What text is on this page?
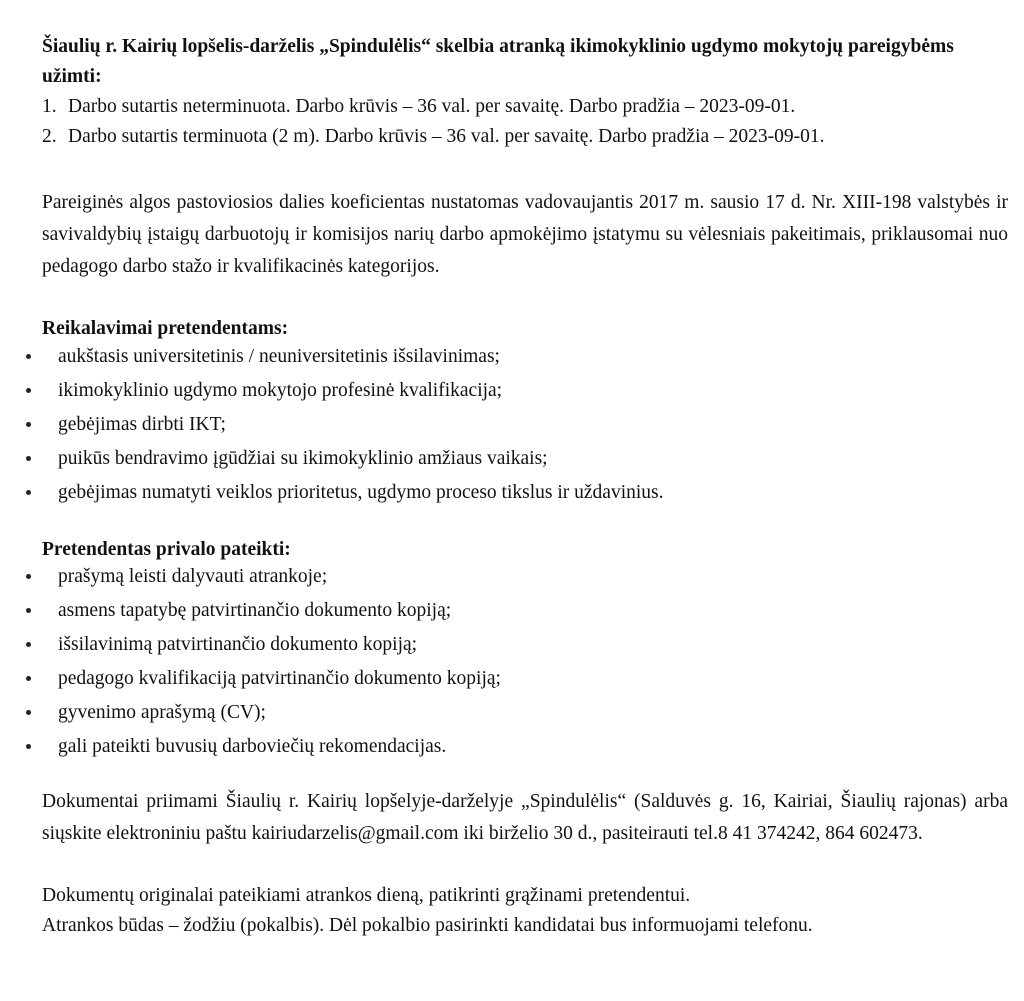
Šiaulių r. Kairių lopšelis-darželis „Spindulėlis“ skelbia atranką ikimokyklinio ugdymo mokytojų pareigybėms užimti:

1. Darbo sutartis neterminuota. Darbo krūvis – 36 val. per savaitę. Darbo pradžia – 2023-09-01.
2. Darbo sutartis terminuota (2 m). Darbo krūvis – 36 val. per savaitę. Darbo pradžia – 2023-09-01.

Pareiginės algos pastoviosios dalies koeficientas nustatomas vadovaujantis 2017 m. sausio 17 d. Nr. XIII-198 valstybės ir savivaldybių įstaigų darbuotojų ir komisijos narių darbo apmokėjimo įstatymu su vėlesniais pakeitimais, priklausomai nuo pedagogo darbo stažo ir kvalifikacinės kategorijos.

Reikalavimai pretendentams:

aukštasis universitetinis / neuniversitetinis išsilavinimas;
ikimokyklinio ugdymo mokytojo profesinė kvalifikacija;
gebėjimas dirbti IKT;
puikūs bendravimo įgūdžiai su ikimokyklinio amžiaus vaikais;
gebėjimas numatyti veiklos prioritetus, ugdymo proceso tikslus ir uždavinius.

Pretendentas privalo pateikti:

prašymą leisti dalyvauti atrankoje;
asmens tapatybę patvirtinančio dokumento kopiją;
išsilavinimą patvirtinančio dokumento kopiją;
pedagogo kvalifikaciją patvirtinančio dokumento kopiją;
gyvenimo aprašymą (CV);
gali pateikti buvusių darboviečių rekomendacijas.

Dokumentai priimami Šiaulių r. Kairių lopšelyje-darželyje „Spindulėlis“ (Salduvės g. 16, Kairiai, Šiaulių rajonas) arba siųskite elektroniniu paštu kairiudarzelis@gmail.com iki birželio 30 d., pasiteirauti tel.8 41 374242, 864 602473.

Dokumentų originalai pateikiami atrankos dieną, patikrinti grąžinami pretendentui.

Atrankos būdas – žodžiu (pokalbis). Dėl pokalbio pasirinkti kandidatai bus informuojami telefonu.
